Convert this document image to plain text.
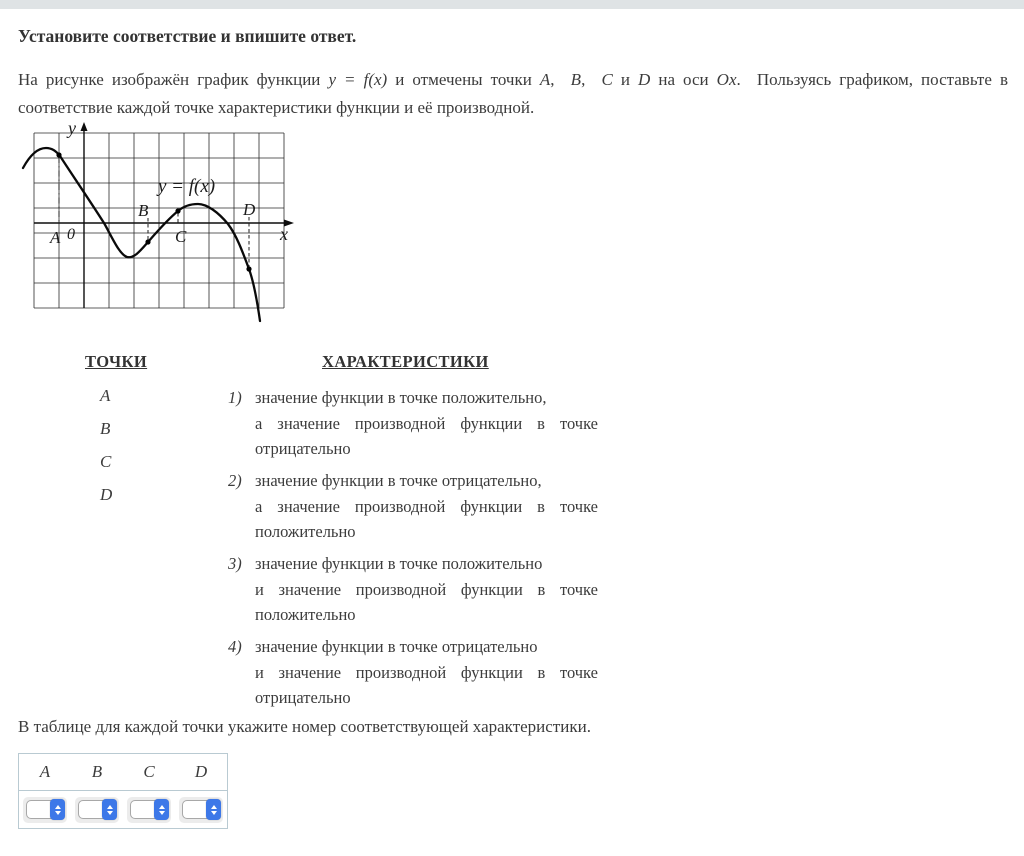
Установите соответствие и впишите ответ.

На рисунке изображён график функции y = f(x) и отмечены точки A,  B,  C и D на оси Ox.  Пользуясь графиком, поставьте в соответствие каждой точке характеристики функции и её производной.

y
x
0
A
B
C
D
y = f(x)
ТОЧКИ	ХАРАКТЕРИСТИКИ
A
B
C
D
1) значение функции в точке положительно,
а значение производной функции в точке
отрицательно
2) значение функции в точке отрицательно,
а значение производной функции в точке
положительно
3) значение функции в точке положительно
и значение производной функции в точке
положительно
4) значение функции в точке отрицательно
и значение производной функции в точке
отрицательно

В таблице для каждой точки укажите номер соответствующей характеристики.

A	B	C	D
